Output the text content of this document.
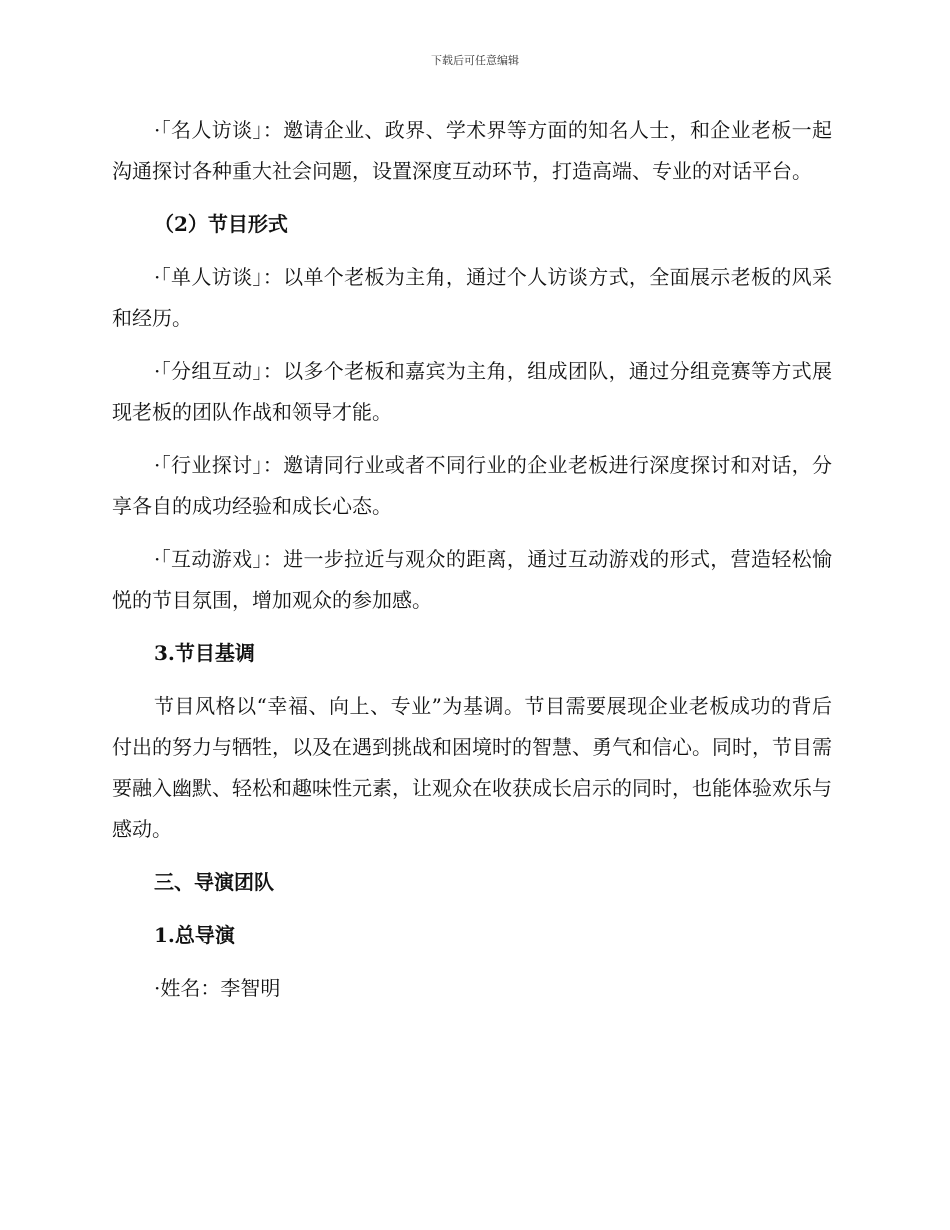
下载后可任意编辑

·「名人访谈」：邀请企业、政界、学术界等方面的知名人士，和企业老板一起沟通探讨各种重大社会问题，设置深度互动环节，打造高端、专业的对话平台。

（2）节目形式

·「单人访谈」：以单个老板为主角，通过个人访谈方式，全面展示老板的风采和经历。

·「分组互动」：以多个老板和嘉宾为主角，组成团队，通过分组竞赛等方式展现老板的团队作战和领导才能。

·「行业探讨」：邀请同行业或者不同行业的企业老板进行深度探讨和对话，分享各自的成功经验和成长心态。

·「互动游戏」：进一步拉近与观众的距离，通过互动游戏的形式，营造轻松愉悦的节目氛围，增加观众的参加感。

3.节目基调

节目风格以“幸福、向上、专业”为基调。节目需要展现企业老板成功的背后付出的努力与牺牲，以及在遇到挑战和困境时的智慧、勇气和信心。同时，节目需要融入幽默、轻松和趣味性元素，让观众在收获成长启示的同时，也能体验欢乐与感动。

三、导演团队

1.总导演

·姓名：李智明
